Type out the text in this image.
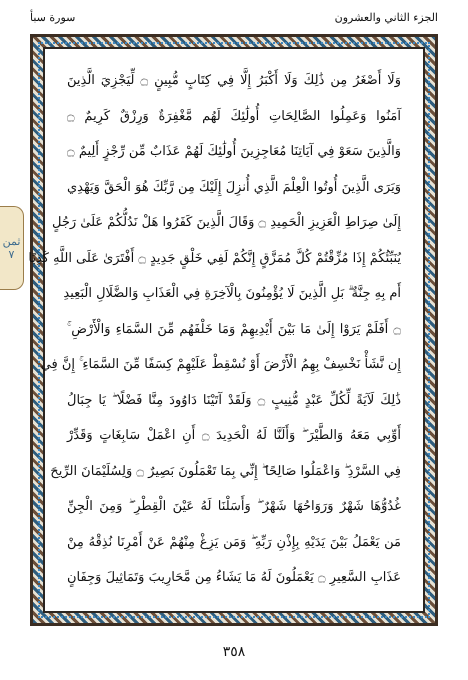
الجزء الثاني والعشرون
سورة سبأ
ثمن
٧
وَلَا أَصْغَرُ مِن ذَٰلِكَ وَلَا أَكْبَرُ إِلَّا فِي كِتَابٍ مُّبِينٍ ۝ لِّيَجْزِيَ الَّذِينَ
آمَنُوا وَعَمِلُوا الصَّالِحَاتِ أُولَٰئِكَ لَهُم مَّغْفِرَةٌ وَرِزْقٌ كَرِيمٌ ۝
وَالَّذِينَ سَعَوْ فِي آيَاتِنَا مُعَاجِزِينَ أُولَٰئِكَ لَهُمْ عَذَابٌ مِّن رِّجْزٍ أَلِيمٌ ۝
وَيَرَى الَّذِينَ أُوتُوا الْعِلْمَ الَّذِي أُنزِلَ إِلَيْكَ مِن رَّبِّكَ هُوَ الْحَقَّ وَيَهْدِي
إِلَىٰ صِرَاطِ الْعَزِيزِ الْحَمِيدِ ۝ وَقَالَ الَّذِينَ كَفَرُوا هَلْ نَدُلُّكُمْ عَلَىٰ رَجُلٍ
يُنَبِّئُكُمْ إِذَا مُزِّقْتُمْ كُلَّ مُمَزَّقٍ إِنَّكُمْ لَفِي خَلْقٍ جَدِيدٍ ۝ أَفْتَرَىٰ عَلَى اللَّهِ كَذِبًا
أَم بِهِ جِنَّةٌ ۗ بَلِ الَّذِينَ لَا يُؤْمِنُونَ بِالْآخِرَةِ فِي الْعَذَابِ وَالضَّلَالِ الْبَعِيدِ
۝ أَفَلَمْ يَرَوْا إِلَىٰ مَا بَيْنَ أَيْدِيهِمْ وَمَا خَلْفَهُم مِّنَ السَّمَاءِ وَالْأَرْضِ ۚ
إِن نَّشَأْ نَخْسِفْ بِهِمُ الْأَرْضَ أَوْ نُسْقِطْ عَلَيْهِمْ كِسَفًا مِّنَ السَّمَاءِ ۚ إِنَّ فِي
ذَٰلِكَ لَآيَةً لِّكُلِّ عَبْدٍ مُّنِيبٍ ۝ وَلَقَدْ آتَيْنَا دَاوُودَ مِنَّا فَضْلًا ۖ يَا جِبَالُ
أَوِّبِي مَعَهُ وَالطَّيْرَ ۖ وَأَلَنَّا لَهُ الْحَدِيدَ ۝ أَنِ اعْمَلْ سَابِغَاتٍ وَقَدِّرْ
فِي السَّرْدِ ۖ وَاعْمَلُوا صَالِحًا ۖ إِنِّي بِمَا تَعْمَلُونَ بَصِيرٌ ۝ وَلِسُلَيْمَانَ الرِّيحَ
غُدُوُّهَا شَهْرٌ وَرَوَاحُهَا شَهْرٌ ۖ وَأَسَلْنَا لَهُ عَيْنَ الْقِطْرِ ۖ وَمِنَ الْجِنِّ
مَن يَعْمَلُ بَيْنَ يَدَيْهِ بِإِذْنِ رَبِّهِ ۖ وَمَن يَزِغْ مِنْهُمْ عَنْ أَمْرِنَا نُذِقْهُ مِنْ
عَذَابِ السَّعِيرِ ۝ يَعْمَلُونَ لَهُ مَا يَشَاءُ مِن مَّحَارِيبَ وَتَمَاثِيلَ وَجِفَانٍ
٣٥٨
